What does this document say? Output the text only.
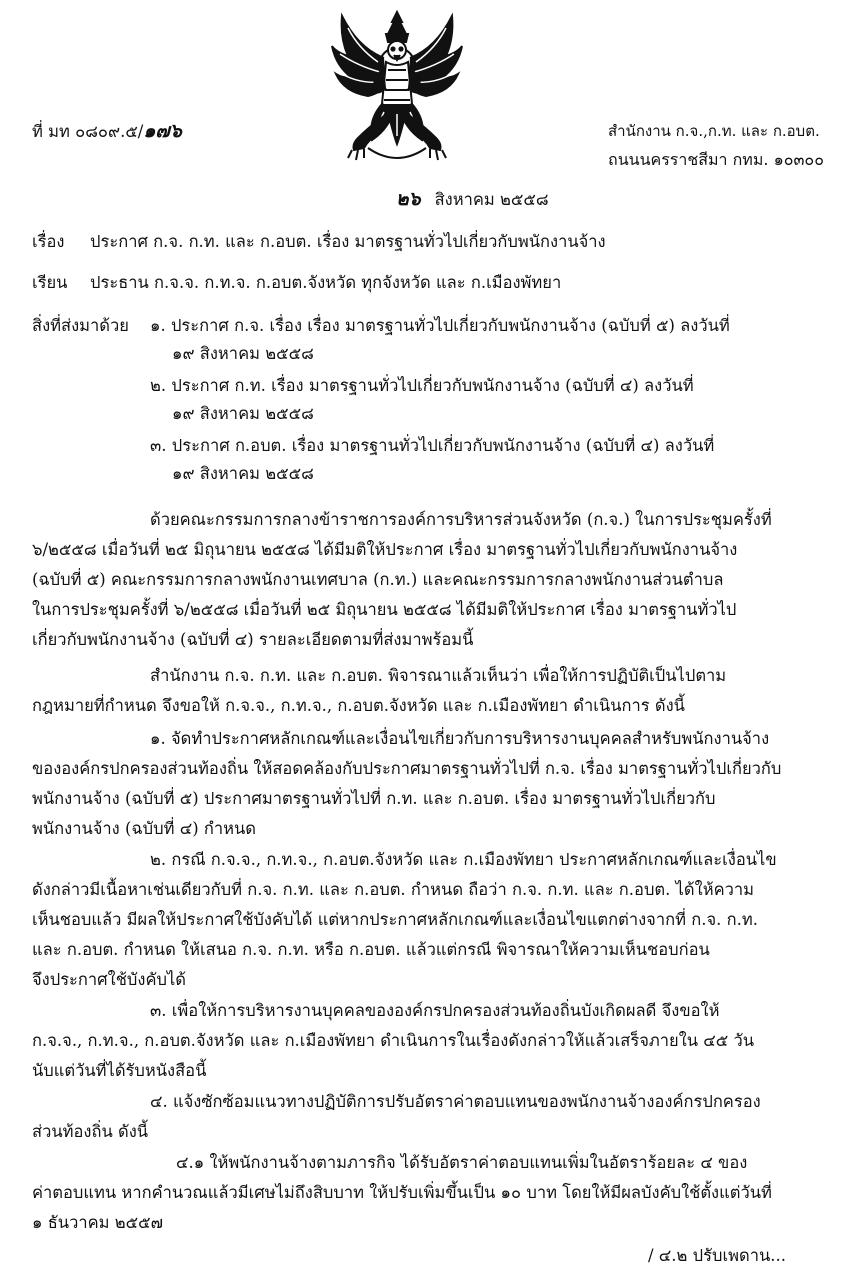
ที่ มท ๐๘๐๙.๕/๑๗๖	สำนักงาน ก.จ.,ก.ท. และ ก.อบต.
ถนนนครราชสีมา กทม. ๑๐๓๐๐
๒๖ สิงหาคม ๒๕๕๘
เรื่อง ประกาศ ก.จ. ก.ท. และ ก.อบต. เรื่อง มาตรฐานทั่วไปเกี่ยวกับพนักงานจ้าง
เรียน ประธาน ก.จ.จ. ก.ท.จ. ก.อบต.จังหวัด ทุกจังหวัด และ ก.เมืองพัทยา
สิ่งที่ส่งมาด้วย ๑. ประกาศ ก.จ. เรื่อง เรื่อง มาตรฐานทั่วไปเกี่ยวกับพนักงานจ้าง (ฉบับที่ ๕) ลงวันที่
๑๙ สิงหาคม ๒๕๕๘
๒. ประกาศ ก.ท. เรื่อง มาตรฐานทั่วไปเกี่ยวกับพนักงานจ้าง (ฉบับที่ ๔) ลงวันที่
๑๙ สิงหาคม ๒๕๕๘
๓. ประกาศ ก.อบต. เรื่อง มาตรฐานทั่วไปเกี่ยวกับพนักงานจ้าง (ฉบับที่ ๔) ลงวันที่
๑๙ สิงหาคม ๒๕๕๘
ด้วยคณะกรรมการกลางข้าราชการองค์การบริหารส่วนจังหวัด (ก.จ.) ในการประชุมครั้งที่
๖/๒๕๕๘ เมื่อวันที่ ๒๕ มิถุนายน ๒๕๕๘ ได้มีมติให้ประกาศ เรื่อง มาตรฐานทั่วไปเกี่ยวกับพนักงานจ้าง
(ฉบับที่ ๕) คณะกรรมการกลางพนักงานเทศบาล (ก.ท.) และคณะกรรมการกลางพนักงานส่วนตำบล
ในการประชุมครั้งที่ ๖/๒๕๕๘ เมื่อวันที่ ๒๕ มิถุนายน ๒๕๕๘ ได้มีมติให้ประกาศ เรื่อง มาตรฐานทั่วไป
เกี่ยวกับพนักงานจ้าง (ฉบับที่ ๔) รายละเอียดตามที่ส่งมาพร้อมนี้
สำนักงาน ก.จ. ก.ท. และ ก.อบต. พิจารณาแล้วเห็นว่า เพื่อให้การปฏิบัติเป็นไปตาม
กฎหมายที่กำหนด จึงขอให้ ก.จ.จ., ก.ท.จ., ก.อบต.จังหวัด และ ก.เมืองพัทยา ดำเนินการ ดังนี้
๑. จัดทำประกาศหลักเกณฑ์และเงื่อนไขเกี่ยวกับการบริหารงานบุคคลสำหรับพนักงานจ้าง
ขององค์กรปกครองส่วนท้องถิ่น ให้สอดคล้องกับประกาศมาตรฐานทั่วไปที่ ก.จ. เรื่อง มาตรฐานทั่วไปเกี่ยวกับ
พนักงานจ้าง (ฉบับที่ ๕) ประกาศมาตรฐานทั่วไปที่ ก.ท. และ ก.อบต. เรื่อง มาตรฐานทั่วไปเกี่ยวกับ
พนักงานจ้าง (ฉบับที่ ๔) กำหนด
๒. กรณี ก.จ.จ., ก.ท.จ., ก.อบต.จังหวัด และ ก.เมืองพัทยา ประกาศหลักเกณฑ์และเงื่อนไข
ดังกล่าวมีเนื้อหาเช่นเดียวกับที่ ก.จ. ก.ท. และ ก.อบต. กำหนด ถือว่า ก.จ. ก.ท. และ ก.อบต. ได้ให้ความ
เห็นชอบแล้ว มีผลให้ประกาศใช้บังคับได้ แต่หากประกาศหลักเกณฑ์และเงื่อนไขแตกต่างจากที่ ก.จ. ก.ท.
และ ก.อบต. กำหนด ให้เสนอ ก.จ. ก.ท. หรือ ก.อบต. แล้วแต่กรณี พิจารณาให้ความเห็นชอบก่อน
จึงประกาศใช้บังคับได้
๓. เพื่อให้การบริหารงานบุคคลขององค์กรปกครองส่วนท้องถิ่นบังเกิดผลดี จึงขอให้
ก.จ.จ., ก.ท.จ., ก.อบต.จังหวัด และ ก.เมืองพัทยา ดำเนินการในเรื่องดังกล่าวให้แล้วเสร็จภายใน ๔๕ วัน
นับแต่วันที่ได้รับหนังสือนี้
๔. แจ้งซักซ้อมแนวทางปฏิบัติการปรับอัตราค่าตอบแทนของพนักงานจ้างองค์กรปกครอง
ส่วนท้องถิ่น ดังนี้
๔.๑ ให้พนักงานจ้างตามภารกิจ ได้รับอัตราค่าตอบแทนเพิ่มในอัตราร้อยละ ๔ ของ
ค่าตอบแทน หากคำนวณแล้วมีเศษไม่ถึงสิบบาท ให้ปรับเพิ่มขึ้นเป็น ๑๐ บาท โดยให้มีผลบังคับใช้ตั้งแต่วันที่
๑ ธันวาคม ๒๕๕๗
/ ๔.๒ ปรับเพดาน...
